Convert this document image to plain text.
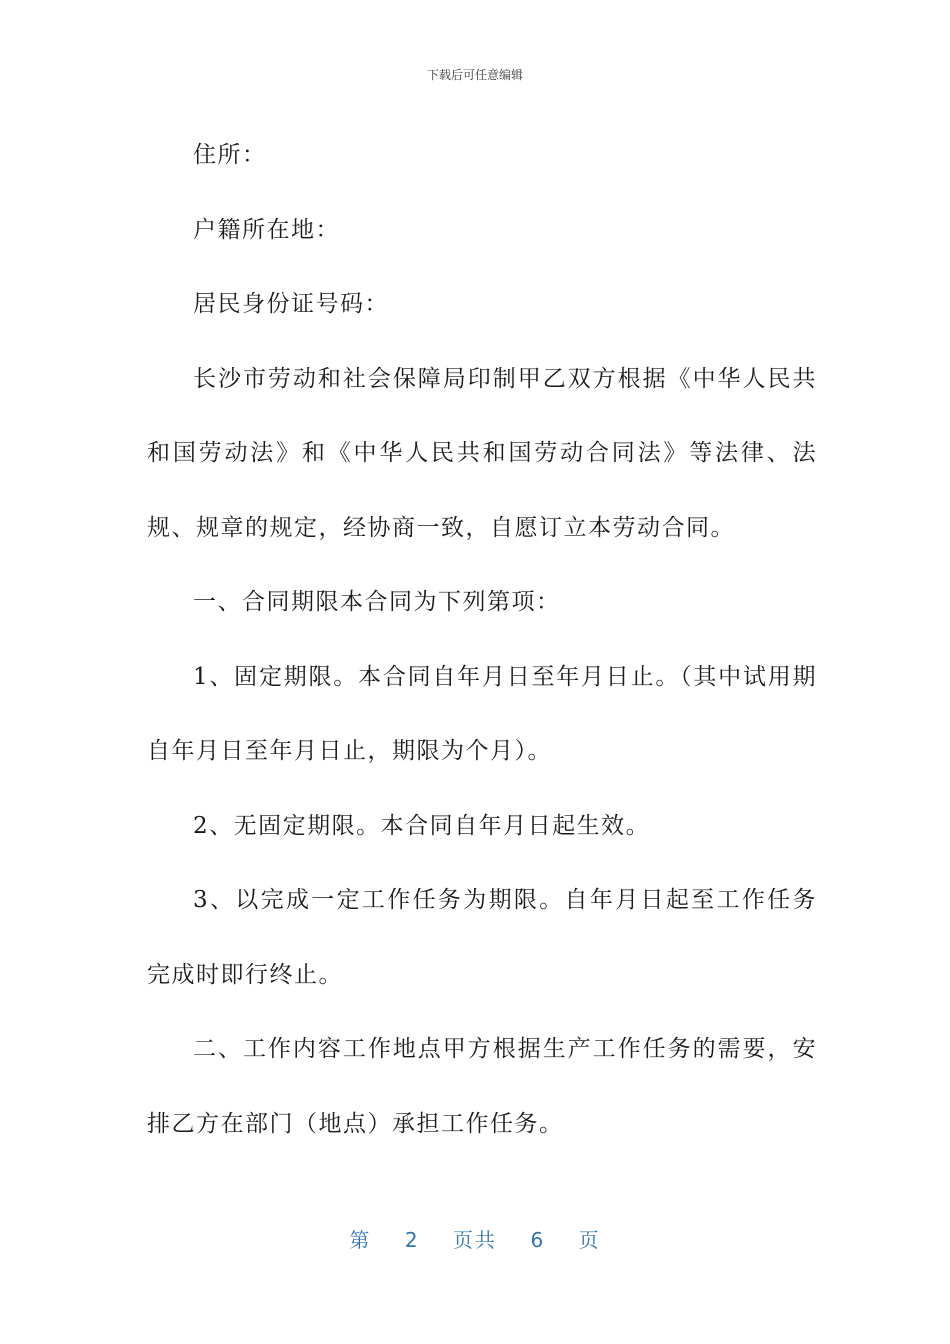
下载后可任意编辑

住所：

户籍所在地：

居民身份证号码：

长沙市劳动和社会保障局印制甲乙双方根据《中华人民共和国劳动法》和《中华人民共和国劳动合同法》等法律、法规、规章的规定，经协商一致，自愿订立本劳动合同。

一、合同期限本合同为下列第项：

1、固定期限。本合同自年月日至年月日止。（其中试用期自年月日至年月日止，期限为个月）。

2、无固定期限。本合同自年月日起生效。

3、以完成一定工作任务为期限。自年月日起至工作任务完成时即行终止。

二、工作内容工作地点甲方根据生产工作任务的需要，安排乙方在部门（地点）承担工作任务。

第 2 页共 6 页
